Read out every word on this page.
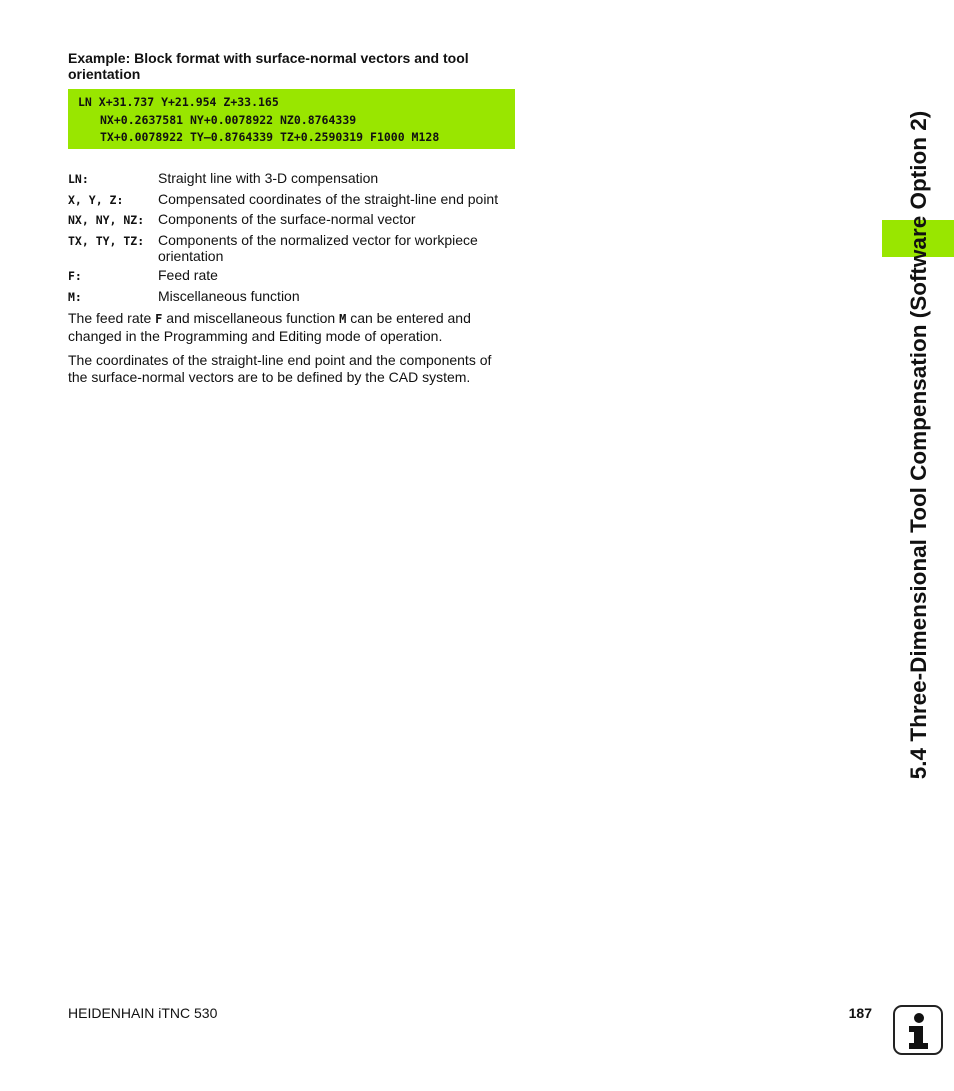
Example: Block format with surface-normal vectors and tool orientation
LN X+31.737 Y+21.954 Z+33.165
NX+0.2637581 NY+0.0078922 NZ0.8764339
TX+0.0078922 TY–0.8764339 TZ+0.2590319 F1000 M128
LN:	Straight line with 3-D compensation
X, Y, Z:	Compensated coordinates of the straight-line end point
NX, NY, NZ: Components of the surface-normal vector
TX, TY, TZ: Components of the normalized vector for workpiece orientation
F:	Feed rate
M:	Miscellaneous function
The feed rate F and miscellaneous function M can be entered and changed in the Programming and Editing mode of operation.
The coordinates of the straight-line end point and the components of the surface-normal vectors are to be defined by the CAD system.	5.4 Three-Dimensional Tool Compensation (Software Option 2)
HEIDENHAIN iTNC 530	187
